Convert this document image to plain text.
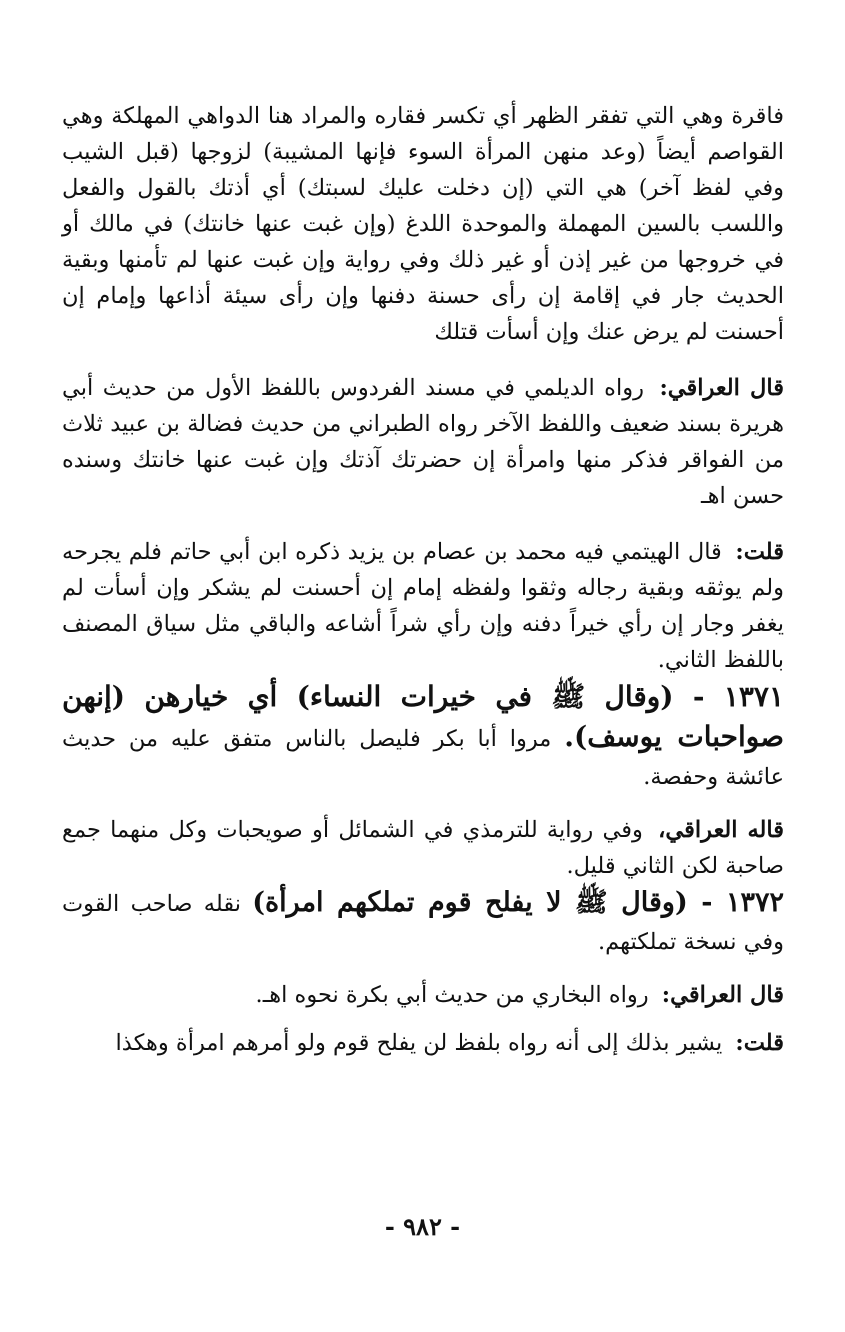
فاقرة وهي التي تفقر الظهر أي تكسر فقاره والمراد هنا الدواهي المهلكة وهي القواصم أيضاً (وعد منهن المرأة السوء فإنها المشيبة) لزوجها (قبل الشيب وفي لفظ آخر) هي التي (إن دخلت عليك لسبتك) أي أذتك بالقول والفعل واللسب بالسين المهملة والموحدة اللدغ (وإن غبت عنها خانتك) في مالك أو في خروجها من غير إذن أو غير ذلك وفي رواية وإن غبت عنها لم تأمنها وبقية الحديث جار في إقامة إن رأى حسنة دفنها وإن رأى سيئة أذاعها وإمام إن أحسنت لم يرض عنك وإن أسأت قتلك

قال العراقي: رواه الديلمي في مسند الفردوس باللفظ الأول من حديث أبي هريرة بسند ضعيف واللفظ الآخر رواه الطبراني من حديث فضالة بن عبيد ثلاث من الفواقر فذكر منها وامرأة إن حضرتك آذتك وإن غبت عنها خانتك وسنده حسن اهـ

قلت: قال الهيتمي فيه محمد بن عصام بن يزيد ذكره ابن أبي حاتم فلم يجرحه ولم يوثقه وبقية رجاله وثقوا ولفظه إمام إن أحسنت لم يشكر وإن أسأت لم يغفر وجار إن رأي خيراً دفنه وإن رأي شراً أشاعه والباقي مثل سياق المصنف باللفظ الثاني.

١٣٧١ - (وقال ﷺ في خيرات النساء) أي خيارهن (إنهن صواحبات يوسف). مروا أبا بكر فليصل بالناس متفق عليه من حديث عائشة وحفصة.

قاله العراقي، وفي رواية للترمذي في الشمائل أو صويحبات وكل منهما جمع صاحبة لكن الثاني قليل.

١٣٧٢ - (وقال ﷺ لا يفلح قوم تملكهم امرأة) نقله صاحب القوت وفي نسخة تملكتهم.

قال العراقي: رواه البخاري من حديث أبي بكرة نحوه اهـ.

قلت: يشير بذلك إلى أنه رواه بلفظ لن يفلح قوم ولو أمرهم امرأة وهكذا

- ٩٨٢ -
